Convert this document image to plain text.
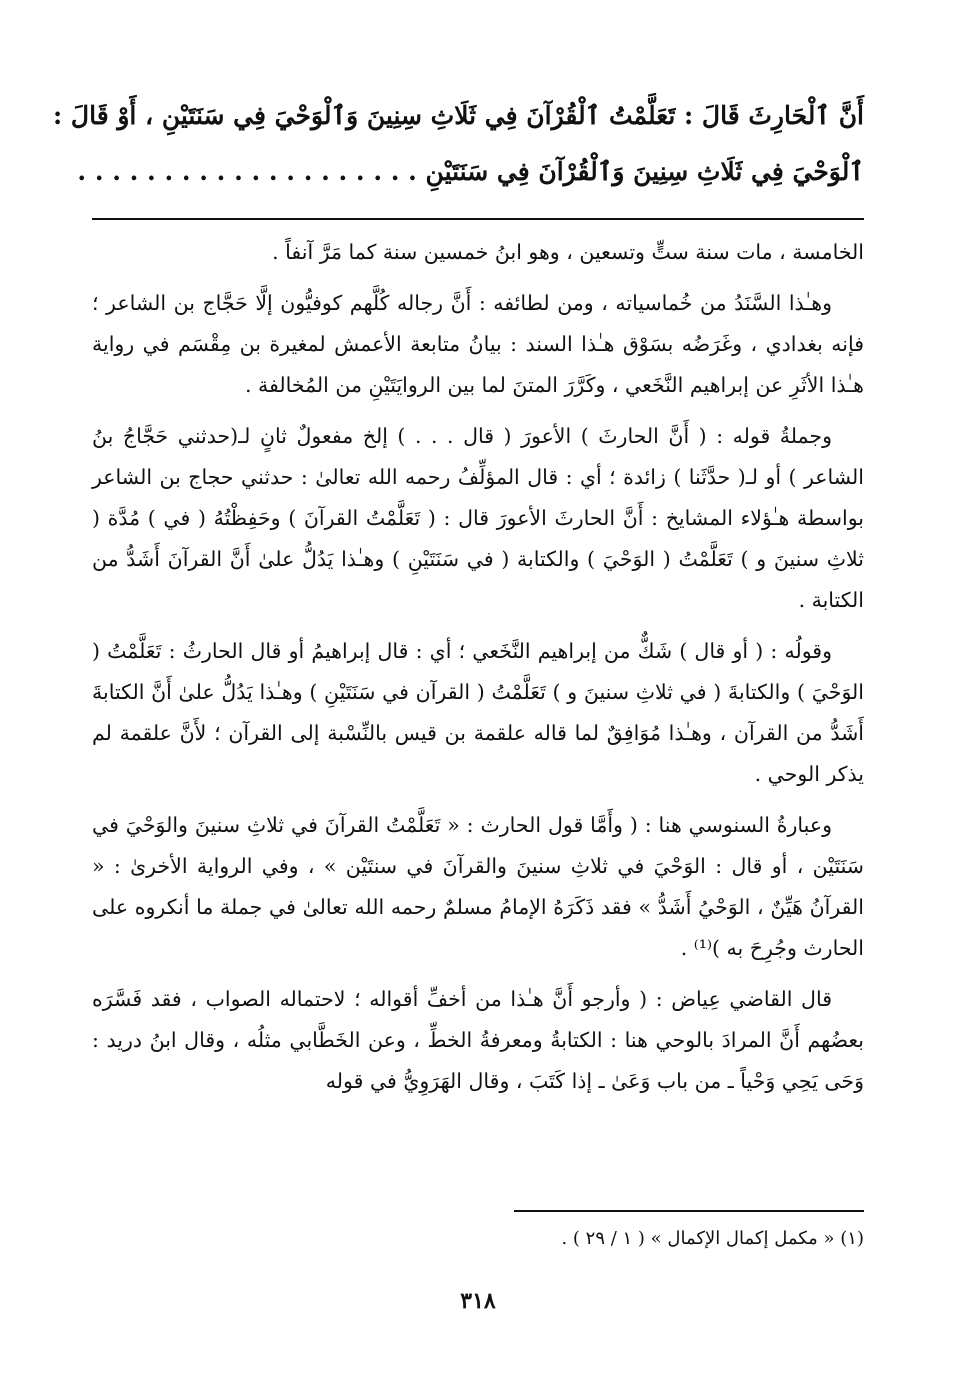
أَنَّ ٱلْحَارِثَ قَالَ : تَعَلَّمْتُ ٱلْقُرْآنَ فِي ثَلَاثِ سِنِينَ وَٱلْوَحْيَ فِي سَنَتَيْنِ ، أَوْ قَالَ :
ٱلْوَحْيَ فِي ثَلَاثِ سِنِينَ وَٱلْقُرْآنَ فِي سَنَتَيْنِ . . . . . . . . . . . . . . . . . . . .

الخامسة ، مات سنة ستٍّ وتسعين ، وهو ابنُ خمسين سنة كما مَرَّ آنفاً .

وهـٰذا السَّنَدُ من خُماسياته ، ومن لطائفه : أَنَّ رجاله كُلَّهم كوفيُّون إلَّا حَجَّاج بن الشاعر ؛ فإنه بغدادي ، وغَرَضُه بسَوْق هـٰذا السند : بيانُ متابعة الأعمش لمغيرة بن مِقْسَم في رواية هـٰذا الأثَرِ عن إبراهيم النَّخَعي ، وكَرَّرَ المتنَ لما بين الروايَتَيْنِ من المُخالفة .

وجملةُ قوله : ( أَنَّ الحارثَ ) الأعورَ ( قال . . . ) إلخ مفعولٌ ثانٍ لـ(حدثني حَجَّاجُ بنُ الشاعر ) أو لـ( حدَّثَنا ) زائدة ؛ أي : قال المؤلِّفُ رحمه الله تعالىٰ : حدثني حجاج بن الشاعر بواسطة هـٰؤلاء المشايخ : أَنَّ الحارثَ الأعورَ قال : ( تَعَلَّمْتُ القرآنَ ) وحَفِظْتُهُ ( في ) مُدَّة ( ثلاثِ سنينَ و ) تَعَلَّمْتُ ( الوَحْيَ ) والكتابة ( في سَنَتَيْنِ ) وهـٰذا يَدُلُّ علىٰ أَنَّ القرآنَ أَشَدُّ من الكتابة .

وقولُه : ( أو قال ) شَكٌّ من إبراهيم النَّخَعي ؛ أي : قال إبراهيمُ أو قال الحارثُ : تَعَلَّمْتُ ( الوَحْيَ ) والكتابةَ ( في ثلاثِ سنينَ و ) تَعَلَّمْتُ ( القرآن في سَنَتَيْنِ ) وهـٰذا يَدُلُّ علىٰ أَنَّ الكتابةَ أَشَدُّ من القرآن ، وهـٰذا مُوَافِقٌ لما قاله علقمة بن قيس بالنِّسْبة إلى القرآن ؛ لأَنَّ علقمة لم يذكر الوحي .

وعبارةُ السنوسي هنا : ( وأَمَّا قول الحارث : « تَعَلَّمْتُ القرآنَ في ثلاثِ سنينَ والوَحْيَ في سَنَتَيْن ، أو قال : الوَحْيَ في ثلاثِ سنينَ والقرآنَ في سنتَيْن » ، وفي الرواية الأخرىٰ : « القرآنُ هَيِّنٌ ، الوَحْيُ أَشَدُّ » فقد ذَكَرَهُ الإمامُ مسلمٌ رحمه الله تعالىٰ في جملة ما أنكروه على الحارث وجُرِحَ به )⁽¹⁾ .

قال القاضي عِياض : ( وأرجو أَنَّ هـٰذا من أخفِّ أقواله ؛ لاحتماله الصواب ، فقد فَسَّرَه بعضُهم أَنَّ المرادَ بالوحي هنا : الكتابةُ ومعرفةُ الخطِّ ، وعن الخَطَّابي مثلُه ، وقال ابنُ دريد : وَحَى يَحِي وَحْياً ـ من باب وَعَىٰ ـ إذا كَتَبَ ، وقال الهَرَوِيُّ في قوله

(١) « مكمل إكمال الإكمال » ( ١ / ٢٩ ) .
٣١٨
